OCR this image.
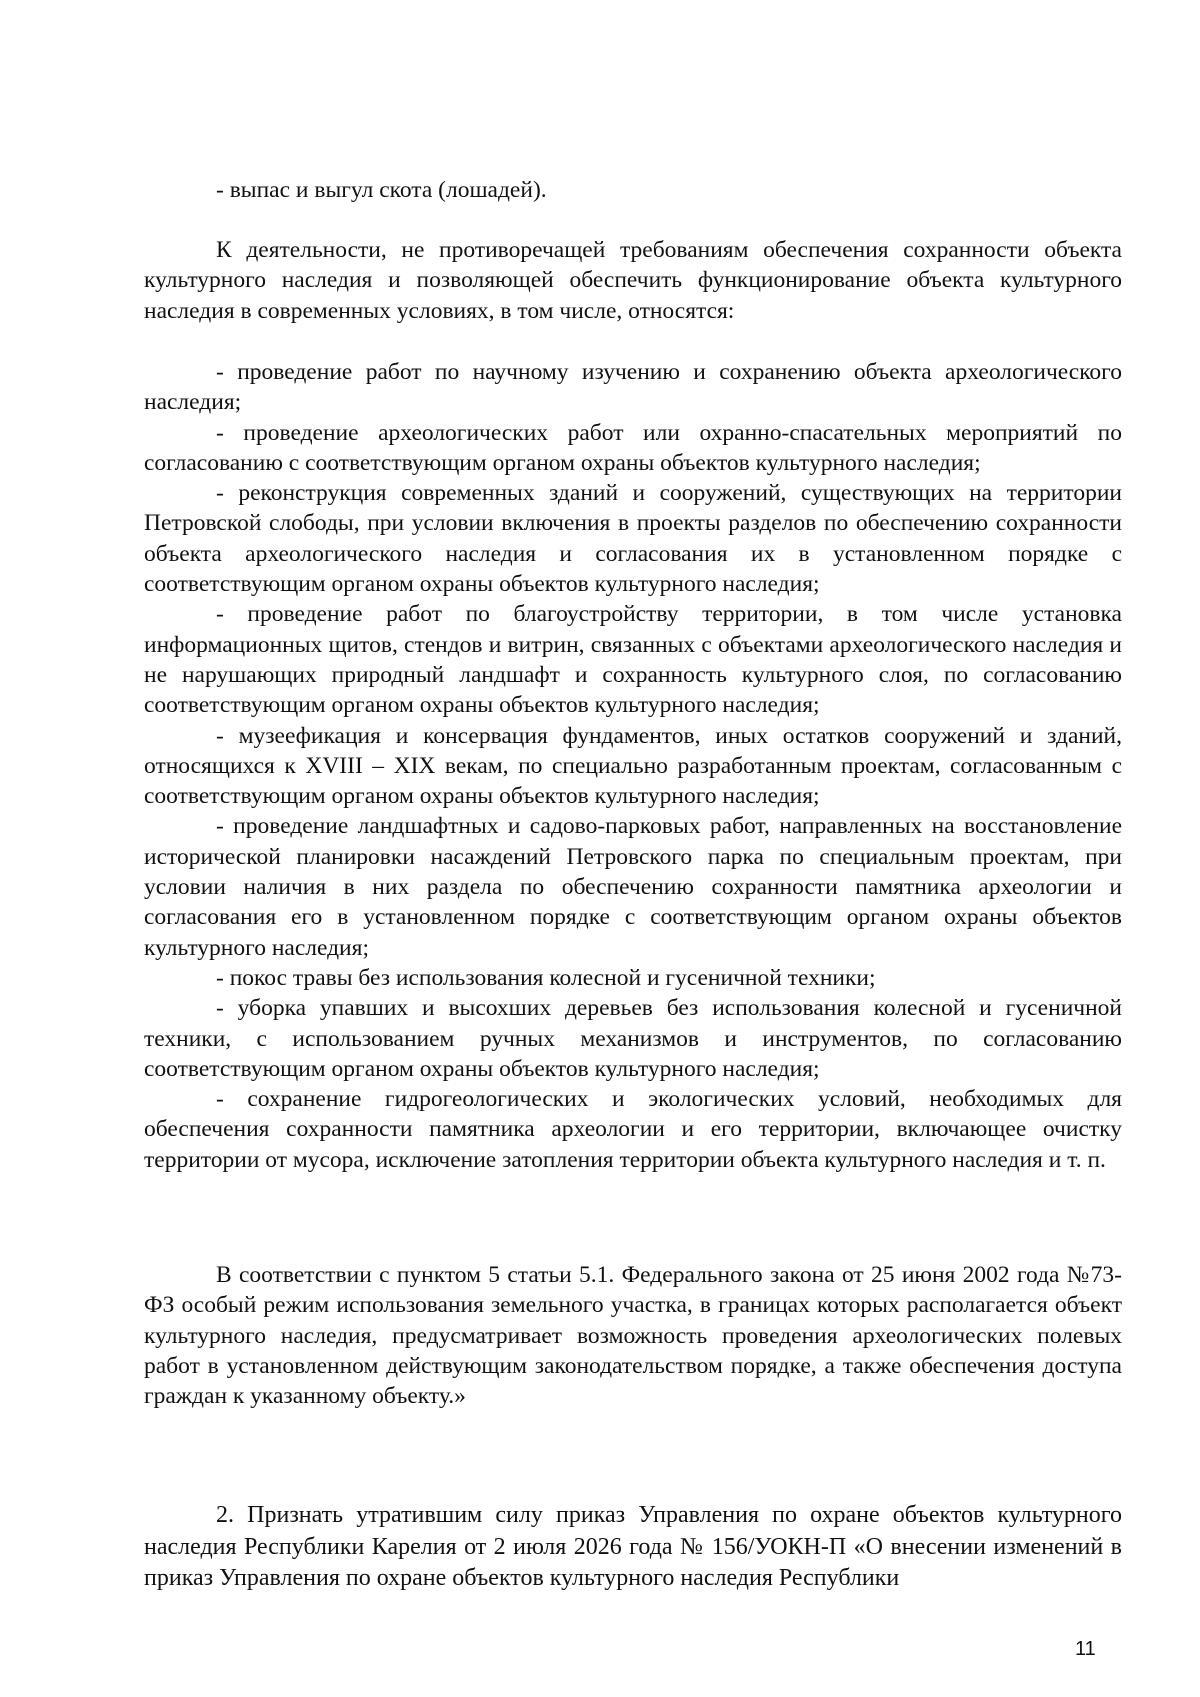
- выпас и выгул скота (лошадей).

К деятельности, не противоречащей требованиям обеспечения сохранности объекта культурного наследия и позволяющей обеспечить функционирование объекта культурного наследия в современных условиях, в том числе, относятся:

- проведение работ по научному изучению и сохранению объекта археологического наследия;

- проведение археологических работ или охранно-спасательных мероприятий по согласованию с соответствующим органом охраны объектов культурного наследия;

- реконструкция современных зданий и сооружений, существующих на территории Петровской слободы, при условии включения в проекты разделов по обеспечению сохранности объекта археологического наследия и согласования их в установленном порядке с соответствующим органом охраны объектов культурного наследия;

- проведение работ по благоустройству территории, в том числе установка информационных щитов, стендов и витрин, связанных с объектами археологического наследия и не нарушающих природный ландшафт и сохранность культурного слоя, по согласованию соответствующим органом охраны объектов культурного наследия;

- музеефикация и консервация фундаментов, иных остатков сооружений и зданий, относящихся к XVIII – XIX векам, по специально разработанным проектам, согласованным с соответствующим органом охраны объектов культурного наследия;

- проведение ландшафтных и садово-парковых работ, направленных на восстановление исторической планировки насаждений Петровского парка по специальным проектам, при условии наличия в них раздела по обеспечению сохранности памятника археологии и согласования его в установленном порядке с соответствующим органом охраны объектов культурного наследия;

- покос травы без использования колесной и гусеничной техники;

- уборка упавших и высохших деревьев без использования колесной и гусеничной техники, с использованием ручных механизмов и инструментов, по согласованию соответствующим органом охраны объектов культурного наследия;

- сохранение гидрогеологических и экологических условий, необходимых для обеспечения сохранности памятника археологии и его территории, включающее очистку территории от мусора, исключение затопления территории объекта культурного наследия и т. п.

В соответствии с пунктом 5 статьи 5.1. Федерального закона от 25 июня 2002 года №73-ФЗ особый режим использования земельного участка, в границах которых располагается объект культурного наследия, предусматривает возможность проведения археологических полевых работ в установленном действующим законодательством порядке, а также обеспечения доступа граждан к указанному объекту.»

2. Признать утратившим силу приказ Управления по охране объектов культурного наследия Республики Карелия от 2 июля 2026 года № 156/УОКН-П «О внесении изменений в приказ Управления по охране объектов культурного наследия Республики

11
